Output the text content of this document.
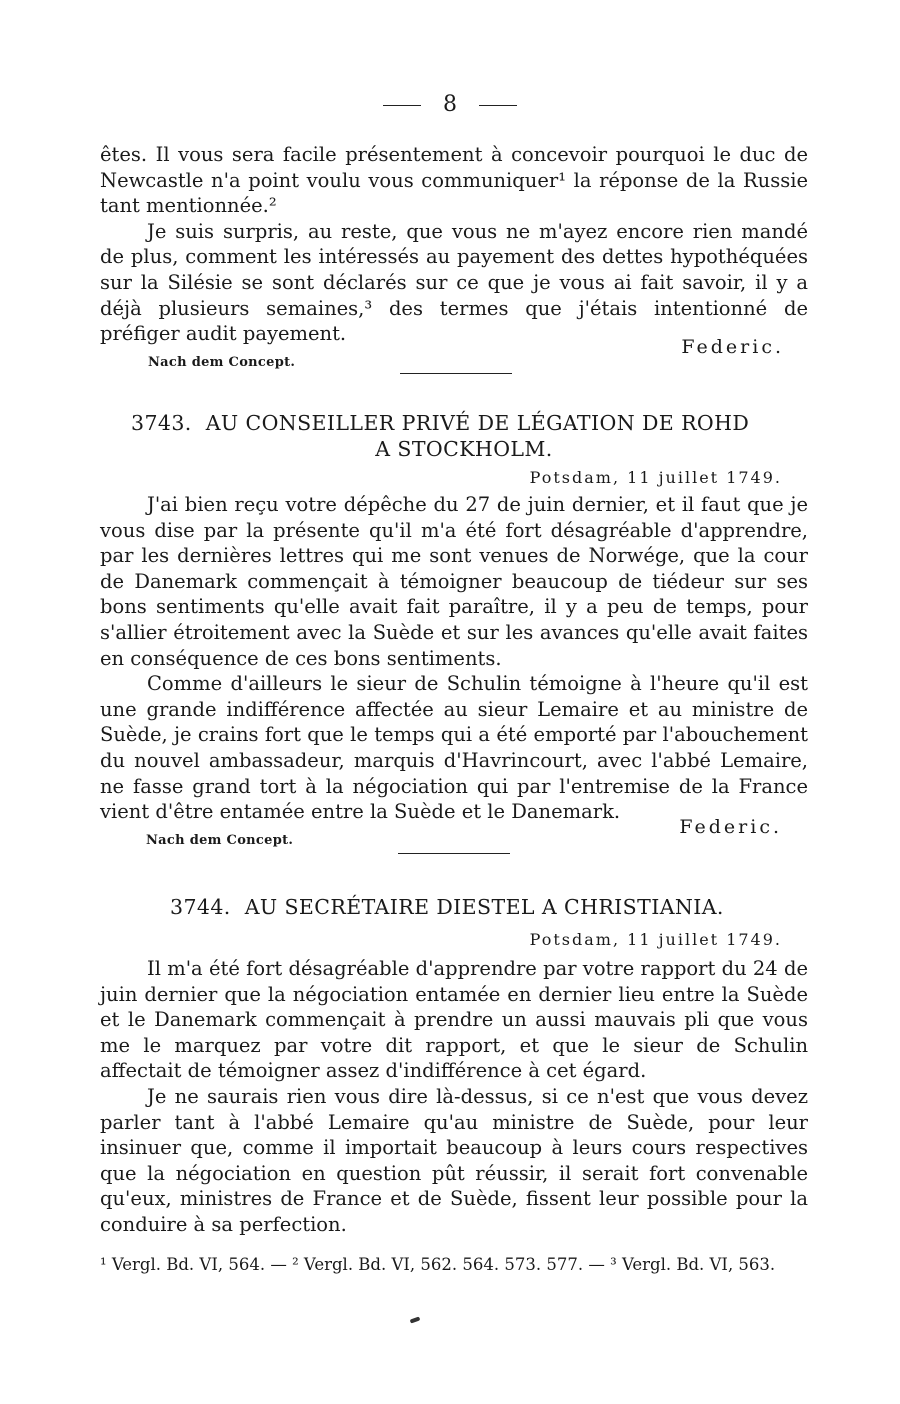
8

êtes. Il vous sera facile présentement à concevoir pourquoi le duc de Newcastle n'a point voulu vous communiquer¹ la réponse de la Russie tant mentionnée.²

Je suis surpris, au reste, que vous ne m'ayez encore rien mandé de plus, comment les intéressés au payement des dettes hypothéquées sur la Silésie se sont déclarés sur ce que je vous ai fait savoir, il y a déjà plusieurs semaines,³ des termes que j'étais intentionné de préfiger audit payement.

Federic.
Nach dem Concept.
3743. AU CONSEILLER PRIVÉ DE LÉGATION DE ROHD
A STOCKHOLM.
Potsdam, 11 juillet 1749.

J'ai bien reçu votre dépêche du 27 de juin dernier, et il faut que je vous dise par la présente qu'il m'a été fort désagréable d'apprendre, par les dernières lettres qui me sont venues de Norwége, que la cour de Danemark commençait à témoigner beaucoup de tiédeur sur ses bons sentiments qu'elle avait fait paraître, il y a peu de temps, pour s'allier étroitement avec la Suède et sur les avances qu'elle avait faites en conséquence de ces bons sentiments.

Comme d'ailleurs le sieur de Schulin témoigne à l'heure qu'il est une grande indifférence affectée au sieur Lemaire et au ministre de Suède, je crains fort que le temps qui a été emporté par l'abouchement du nouvel ambassadeur, marquis d'Havrincourt, avec l'abbé Lemaire, ne fasse grand tort à la négociation qui par l'entremise de la France vient d'être entamée entre la Suède et le Danemark.

Federic.
Nach dem Concept.
3744. AU SECRÉTAIRE DIESTEL A CHRISTIANIA.
Potsdam, 11 juillet 1749.

Il m'a été fort désagréable d'apprendre par votre rapport du 24 de juin dernier que la négociation entamée en dernier lieu entre la Suède et le Danemark commençait à prendre un aussi mauvais pli que vous me le marquez par votre dit rapport, et que le sieur de Schulin affectait de témoigner assez d'indifférence à cet égard.

Je ne saurais rien vous dire là-dessus, si ce n'est que vous devez parler tant à l'abbé Lemaire qu'au ministre de Suède, pour leur insinuer que, comme il importait beaucoup à leurs cours respectives que la négociation en question pût réussir, il serait fort convenable qu'eux, ministres de France et de Suède, fissent leur possible pour la conduire à sa perfection.

¹ Vergl. Bd. VI, 564. — ² Vergl. Bd. VI, 562. 564. 573. 577. — ³ Vergl. Bd. VI, 563.
